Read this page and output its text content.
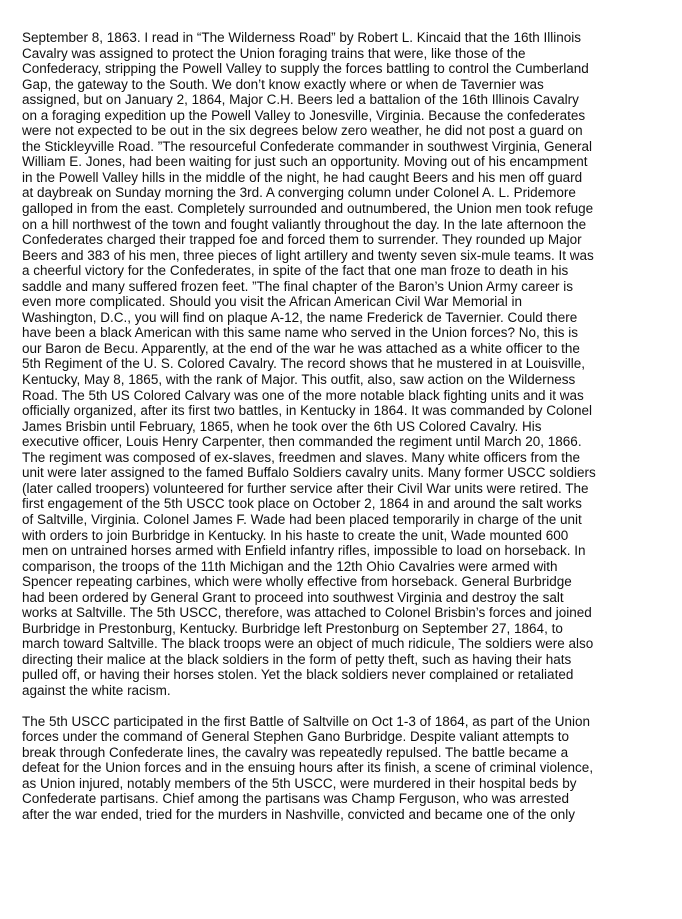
September 8, 1863. I read in “The Wilderness Road” by Robert L. Kincaid that the 16th Illinois
Cavalry was assigned to protect the Union foraging trains that were, like those of the
Confederacy, stripping the Powell Valley to supply the forces battling to control the Cumberland
Gap, the gateway to the South. We don’t know exactly where or when de Tavernier was
assigned, but on January 2, 1864, Major C.H. Beers led a battalion of the 16th Illinois Cavalry
on a foraging expedition up the Powell Valley to Jonesville, Virginia. Because the confederates
were not expected to be out in the six degrees below zero weather, he did not post a guard on
the Stickleyville Road. ”The resourceful Confederate commander in southwest Virginia, General
William E. Jones, had been waiting for just such an opportunity. Moving out of his encampment
in the Powell Valley hills in the middle of the night, he had caught Beers and his men off guard
at daybreak on Sunday morning the 3rd. A converging column under Colonel A. L. Pridemore
galloped in from the east. Completely surrounded and outnumbered, the Union men took refuge
on a hill northwest of the town and fought valiantly throughout the day. In the late afternoon the
Confederates charged their trapped foe and forced them to surrender. They rounded up Major
Beers and 383 of his men, three pieces of light artillery and twenty seven six-mule teams. It was
a cheerful victory for the Confederates, in spite of the fact that one man froze to death in his
saddle and many suffered frozen feet. ”The final chapter of the Baron’s Union Army career is
even more complicated. Should you visit the African American Civil War Memorial in
Washington, D.C., you will find on plaque A-12, the name Frederick de Tavernier. Could there
have been a black American with this same name who served in the Union forces? No, this is
our Baron de Becu. Apparently, at the end of the war he was attached as a white officer to the
5th Regiment of the U. S. Colored Cavalry. The record shows that he mustered in at Louisville,
Kentucky, May 8, 1865, with the rank of Major. This outfit, also, saw action on the Wilderness
Road. The 5th US Colored Calvary was one of the more notable black fighting units and it was
officially organized, after its first two battles, in Kentucky in 1864. It was commanded by Colonel
James Brisbin until February, 1865, when he took over the 6th US Colored Cavalry. His
executive officer, Louis Henry Carpenter, then commanded the regiment until March 20, 1866.
The regiment was composed of ex-slaves, freedmen and slaves. Many white officers from the
unit were later assigned to the famed Buffalo Soldiers cavalry units. Many former USCC soldiers
(later called troopers) volunteered for further service after their Civil War units were retired. The
first engagement of the 5th USCC took place on October 2, 1864 in and around the salt works
of Saltville, Virginia. Colonel James F. Wade had been placed temporarily in charge of the unit
with orders to join Burbridge in Kentucky. In his haste to create the unit, Wade mounted 600
men on untrained horses armed with Enfield infantry rifles, impossible to load on horseback. In
comparison, the troops of the 11th Michigan and the 12th Ohio Cavalries were armed with
Spencer repeating carbines, which were wholly effective from horseback. General Burbridge
had been ordered by General Grant to proceed into southwest Virginia and destroy the salt
works at Saltville. The 5th USCC, therefore, was attached to Colonel Brisbin’s forces and joined
Burbridge in Prestonburg, Kentucky. Burbridge left Prestonburg on September 27, 1864, to
march toward Saltville. The black troops were an object of much ridicule, The soldiers were also
directing their malice at the black soldiers in the form of petty theft, such as having their hats
pulled off, or having their horses stolen. Yet the black soldiers never complained or retaliated
against the white racism.

The 5th USCC participated in the first Battle of Saltville on Oct 1-3 of 1864, as part of the Union
forces under the command of General Stephen Gano Burbridge. Despite valiant attempts to
break through Confederate lines, the cavalry was repeatedly repulsed. The battle became a
defeat for the Union forces and in the ensuing hours after its finish, a scene of criminal violence,
as Union injured, notably members of the 5th USCC, were murdered in their hospital beds by
Confederate partisans. Chief among the partisans was Champ Ferguson, who was arrested
after the war ended, tried for the murders in Nashville, convicted and became one of the only
